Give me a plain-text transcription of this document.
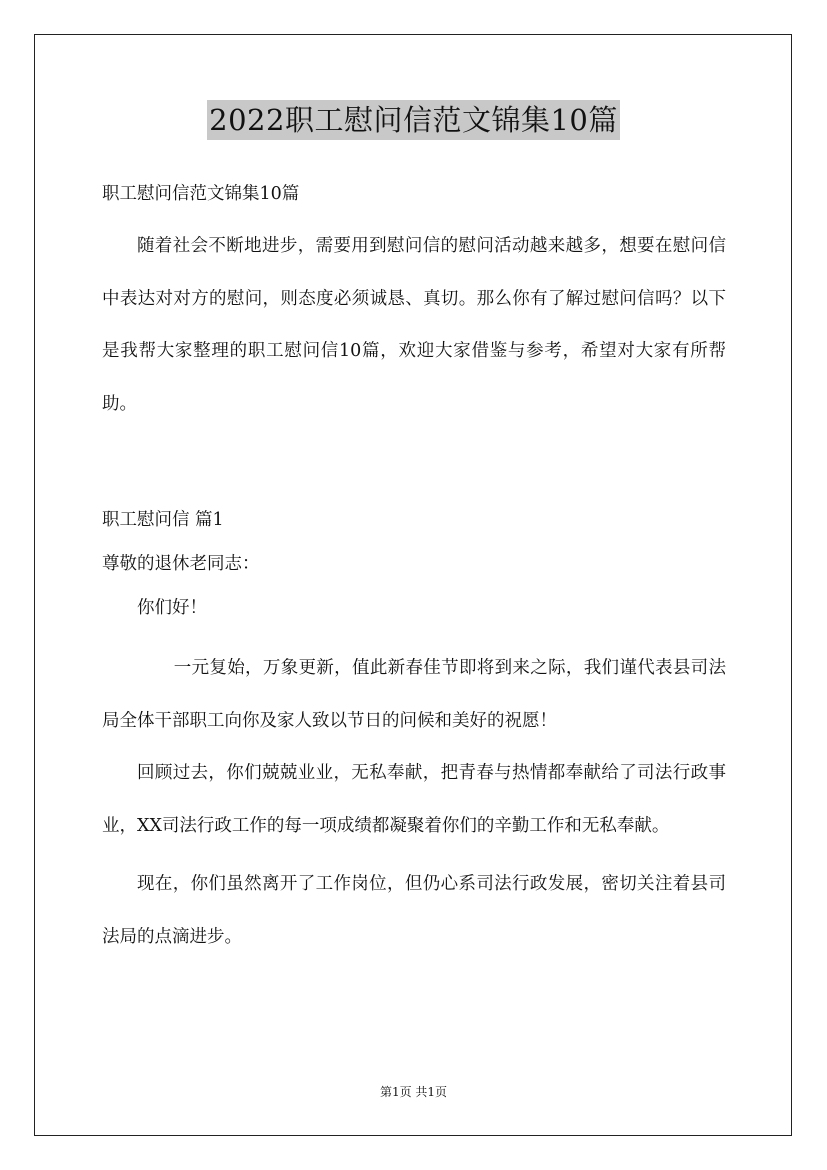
2022职工慰问信范文锦集10篇

职工慰问信范文锦集10篇

随着社会不断地进步，需要用到慰问信的慰问活动越来越多，想要在慰问信中表达对对方的慰问，则态度必须诚恳、真切。那么你有了解过慰问信吗？以下是我帮大家整理的职工慰问信10篇，欢迎大家借鉴与参考，希望对大家有所帮助。

职工慰问信 篇1

尊敬的退休老同志：

你们好！

一元复始，万象更新，值此新春佳节即将到来之际，我们谨代表县司法局全体干部职工向你及家人致以节日的问候和美好的祝愿！

回顾过去，你们兢兢业业，无私奉献，把青春与热情都奉献给了司法行政事业，XX司法行政工作的每一项成绩都凝聚着你们的辛勤工作和无私奉献。

现在，你们虽然离开了工作岗位，但仍心系司法行政发展，密切关注着县司法局的点滴进步。

第1页 共1页
